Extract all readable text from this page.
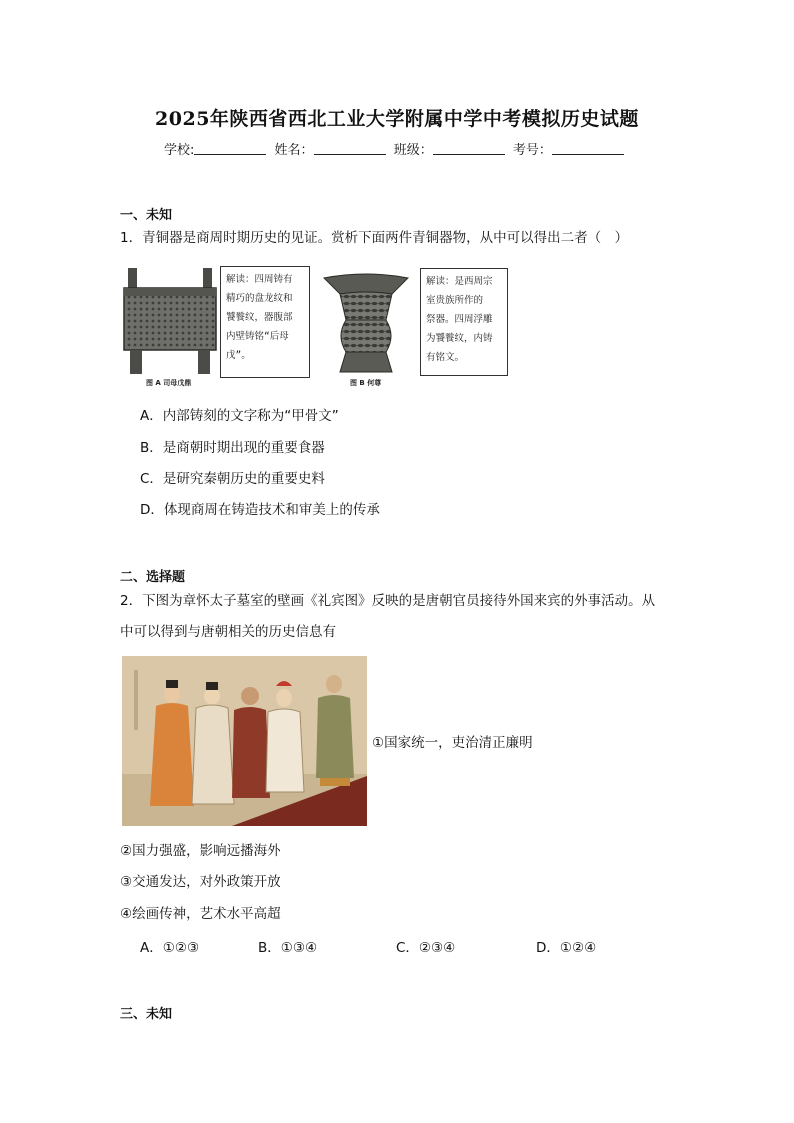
2025年陕西省西北工业大学附属中学中考模拟历史试题
学校:	姓名：	班级：	考号：
一、未知
1．青铜器是商周时期历史的见证。赏析下面两件青铜器物，从中可以得出二者（　）
图 A 司母戊鼎
解读：四周铸有
精巧的盘龙纹和
饕餮纹，器腹部
内壁铸铭“后母
戊”。
图 B 何尊
解读：是西周宗
室贵族所作的
祭器。四周浮雕
为饕餮纹，内铸
有铭文。
A．内部铸刻的文字称为“甲骨文”
B．是商朝时期出现的重要食器
C．是研究秦朝历史的重要史料
D．体现商周在铸造技术和审美上的传承
二、选择题
2．下图为章怀太子墓室的壁画《礼宾图》反映的是唐朝官员接待外国来宾的外事活动。从
中可以得到与唐朝相关的历史信息有
①国家统一，吏治清正廉明
②国力强盛，影响远播海外
③交通发达，对外政策开放
④绘画传神，艺术水平高超
A．①②③	B．①③④	C．②③④	D．①②④
三、未知
